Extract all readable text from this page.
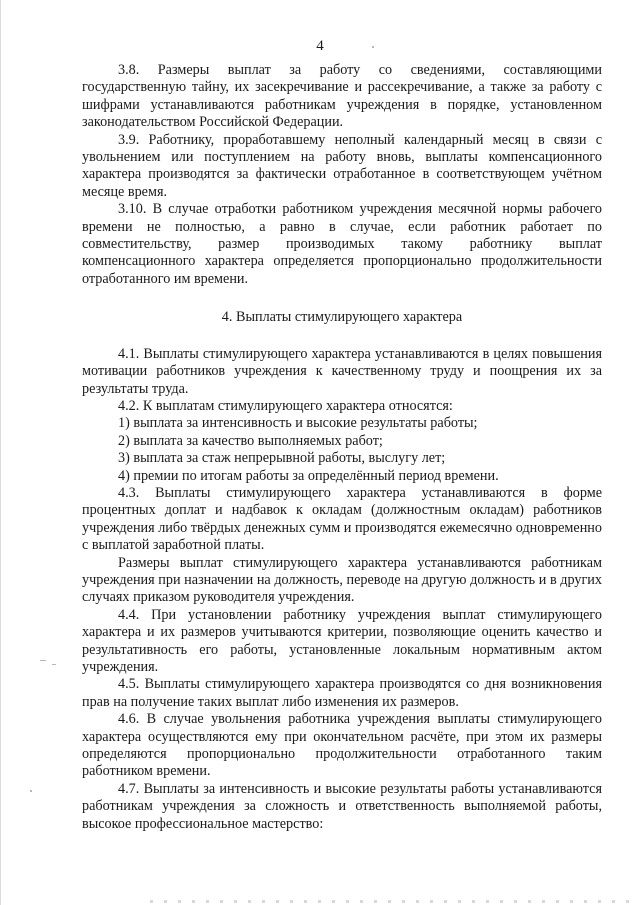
4

3.8. Размеры выплат за работу со сведениями, составляющими государственную тайну, их засекречивание и рассекречивание, а также за работу с шифрами устанавливаются работникам учреждения в порядке, установленном законодательством Российской Федерации.

3.9. Работнику, проработавшему неполный календарный месяц в связи с увольнением или поступлением на работу вновь, выплаты компенсационного характера производятся за фактически отработанное в соответствующем учётном месяце время.

3.10. В случае отработки работником учреждения месячной нормы рабочего времени не полностью, а равно в случае, если работник работает по совместительству, размер производимых такому работнику выплат компенсационного характера определяется пропорционально продолжительности отработанного им времени.

4. Выплаты стимулирующего характера

4.1. Выплаты стимулирующего характера устанавливаются в целях повышения мотивации работников учреждения к качественному труду и поощрения их за результаты труда.

4.2. К выплатам стимулирующего характера относятся:

1) выплата за интенсивность и высокие результаты работы;

2) выплата за качество выполняемых работ;

3) выплата за стаж непрерывной работы, выслугу лет;

4) премии по итогам работы за определённый период времени.

4.3. Выплаты стимулирующего характера устанавливаются в форме процентных доплат и надбавок к окладам (должностным окладам) работников учреждения либо твёрдых денежных сумм и производятся ежемесячно одновременно с выплатой заработной платы.

Размеры выплат стимулирующего характера устанавливаются работникам учреждения при назначении на должность, переводе на другую должность и в других случаях приказом руководителя учреждения.

4.4. При установлении работнику учреждения выплат стимулирующего характера и их размеров учитываются критерии, позволяющие оценить качество и результативность его работы, установленные локальным нормативным актом учреждения.

4.5. Выплаты стимулирующего характера производятся со дня возникновения прав на получение таких выплат либо изменения их размеров.

4.6. В случае увольнения работника учреждения выплаты стимулирующего характера осуществляются ему при окончательном расчёте, при этом их размеры определяются пропорционально продолжительности отработанного таким работником времени.

4.7. Выплаты за интенсивность и высокие результаты работы устанавливаются работникам учреждения за сложность и ответственность выполняемой работы, высокое профессиональное мастерство:
